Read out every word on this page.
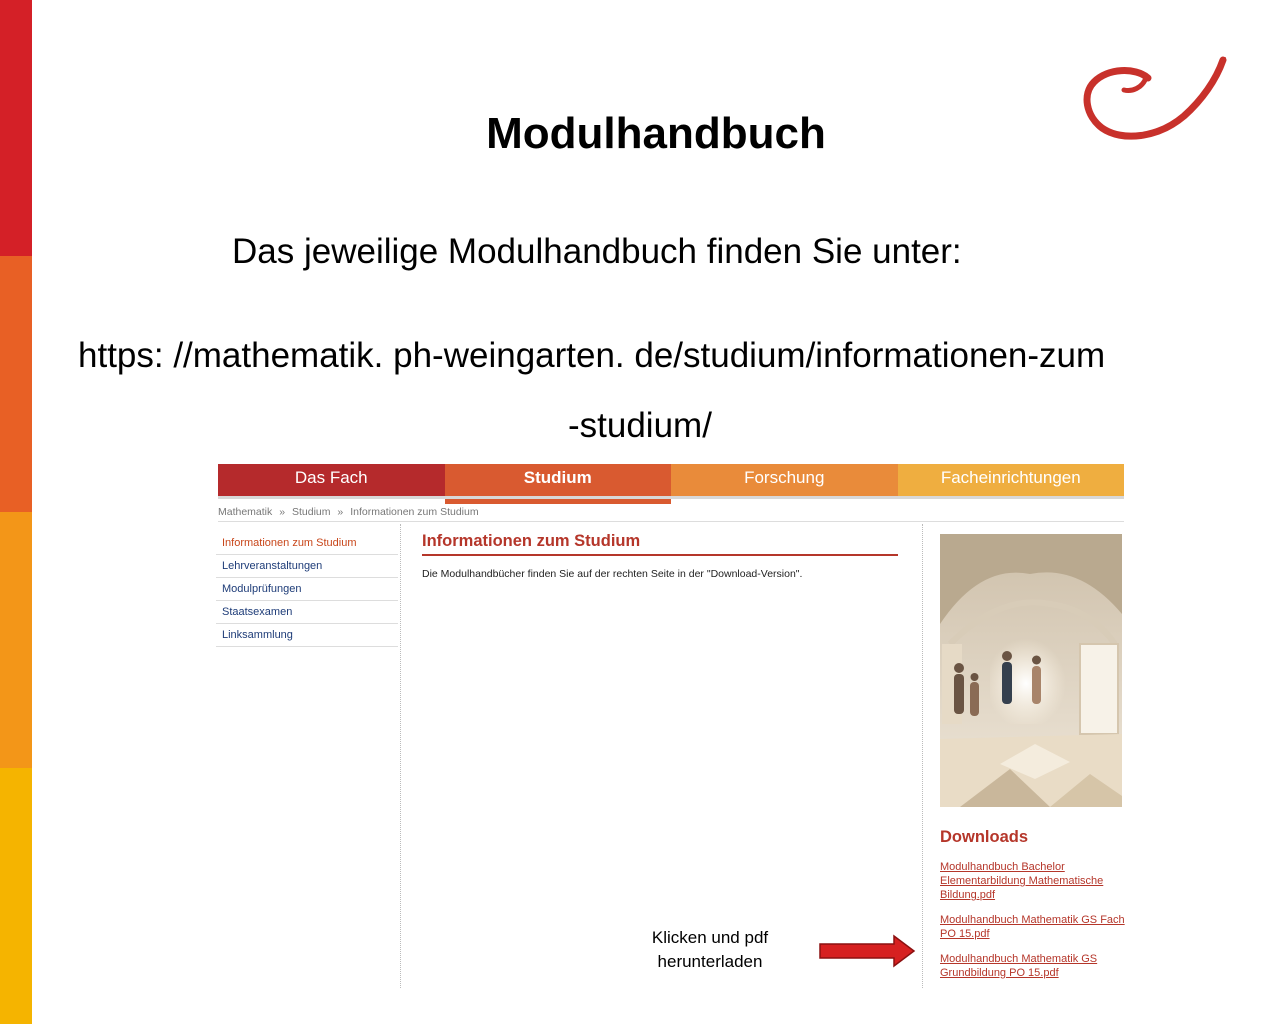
Modulhandbuch
Das jeweilige Modulhandbuch finden Sie unter:
https: //mathematik. ph-weingarten. de/studium/informationen-zum
-studium/
Das Fach	Studium	Forschung	Facheinrichtungen
Mathematik » Studium » Informationen zum Studium
Informationen zum Studium
Lehrveranstaltungen
Modulprüfungen
Staatsexamen
Linksammlung
Informationen zum Studium
Die Modulhandbücher finden Sie auf der rechten Seite in der "Download-Version".
Downloads
Modulhandbuch Bachelor Elementarbildung Mathematische Bildung.pdf
Modulhandbuch Mathematik GS Fach PO 15.pdf
Modulhandbuch Mathematik GS Grundbildung PO 15.pdf
Klicken und pdf
herunterladen
